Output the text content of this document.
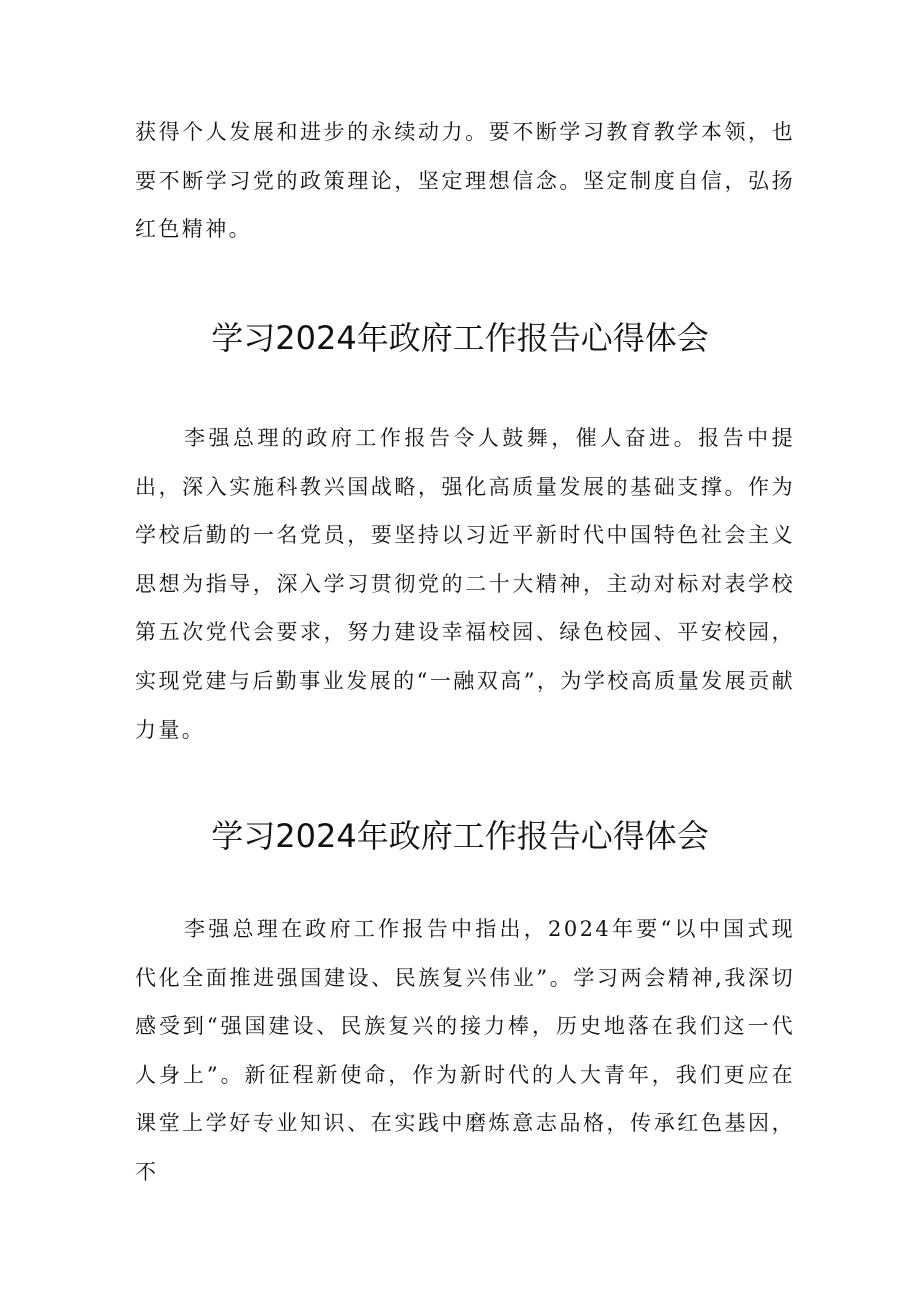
获得个人发展和进步的永续动力。要不断学习教育教学本领，也要不断学习党的政策理论，坚定理想信念。坚定制度自信，弘扬红色精神。

学习2024年政府工作报告心得体会

李强总理的政府工作报告令人鼓舞，催人奋进。报告中提出，深入实施科教兴国战略，强化高质量发展的基础支撑。作为学校后勤的一名党员，要坚持以习近平新时代中国特色社会主义思想为指导，深入学习贯彻党的二十大精神，主动对标对表学校第五次党代会要求，努力建设幸福校园、绿色校园、平安校园，实现党建与后勤事业发展的“一融双高”，为学校高质量发展贡献力量。

学习2024年政府工作报告心得体会

李强总理在政府工作报告中指出，2024年要“以中国式现代化全面推进强国建设、民族复兴伟业”。学习两会精神,我深切感受到“强国建设、民族复兴的接力棒，历史地落在我们这一代人身上”。新征程新使命，作为新时代的人大青年，我们更应在课堂上学好专业知识、在实践中磨炼意志品格，传承红色基因，不
